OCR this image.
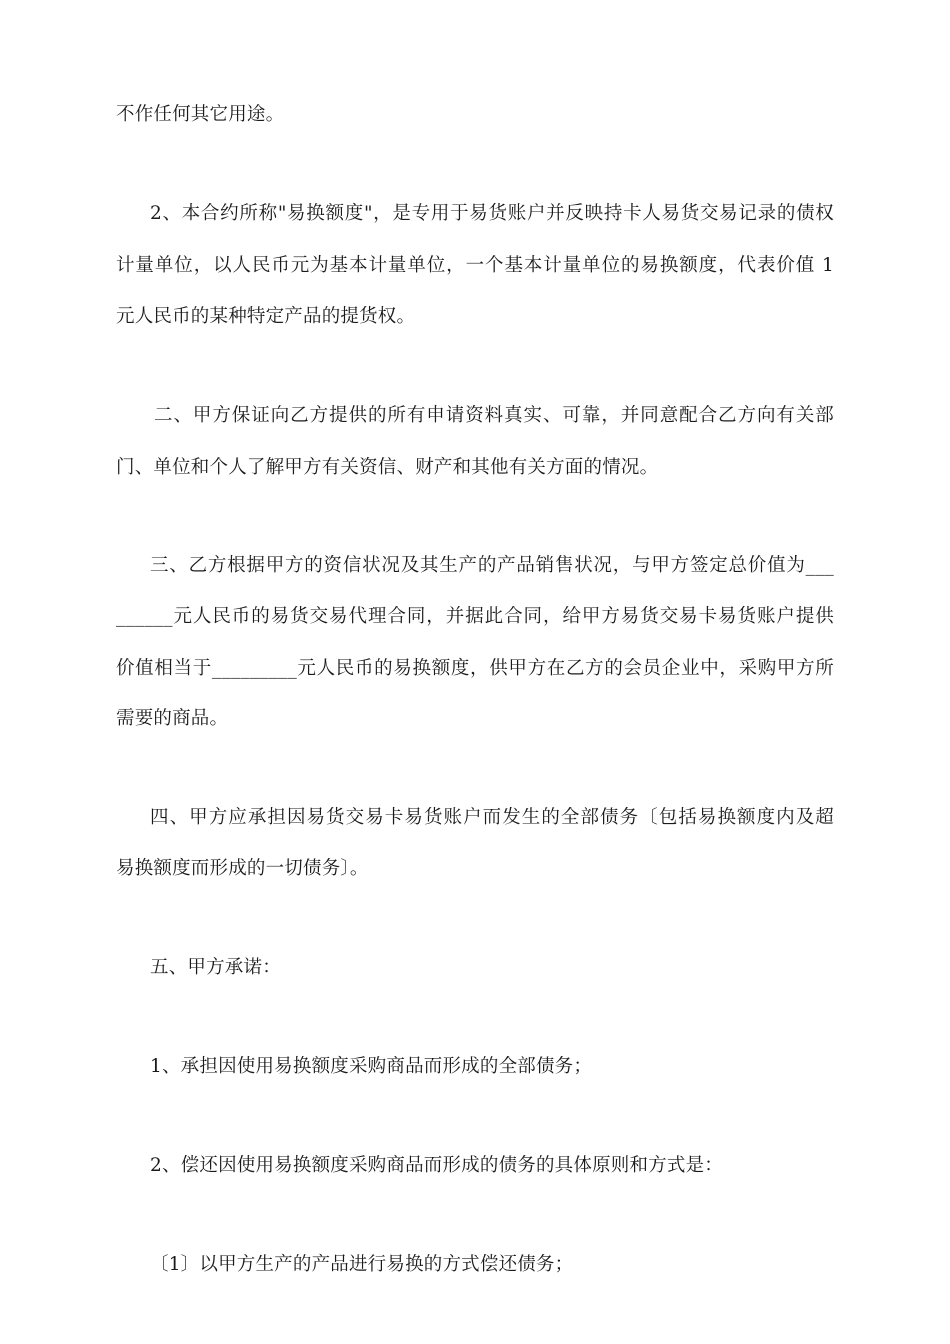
不作任何其它用途。
2、本合约所称"易换额度"，是专用于易货账户并反映持卡人易货交易记录的债权
计量单位，以人民币元为基本计量单位，一个基本计量单位的易换额度，代表价值 1
元人民币的某种特定产品的提货权。
二、甲方保证向乙方提供的所有申请资料真实、可靠，并同意配合乙方向有关部
门、单位和个人了解甲方有关资信、财产和其他有关方面的情况。
三、乙方根据甲方的资信状况及其生产的产品销售状况，与甲方签定总价值为___
______元人民币的易货交易代理合同，并据此合同，给甲方易货交易卡易货账户提供
价值相当于_________元人民币的易换额度，供甲方在乙方的会员企业中，采购甲方所
需要的商品。
四、甲方应承担因易货交易卡易货账户而发生的全部债务〔包括易换额度内及超
易换额度而形成的一切债务〕。
五、甲方承诺：
1、承担因使用易换额度采购商品而形成的全部债务；
2、偿还因使用易换额度采购商品而形成的债务的具体原则和方式是：
〔1〕以甲方生产的产品进行易换的方式偿还债务；
